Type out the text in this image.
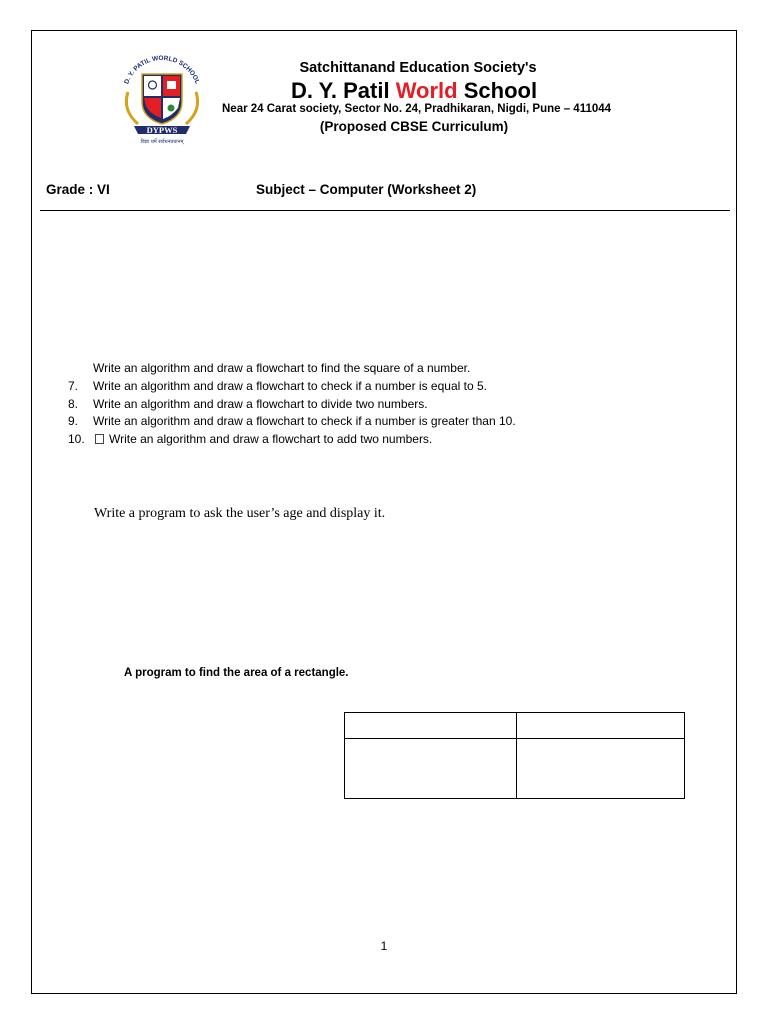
D. Y. PATIL WORLD SCHOOL
DYPWS
विद्या धर्मे सर्वधनप्रधानम्
Satchittanand Education Society's
D. Y. Patil World School
Near 24 Carat society, Sector No. 24, Pradhikaran, Nigdi, Pune – 411044
(Proposed CBSE Curriculum)
Grade : VI	Subject – Computer (Worksheet 2)
Write an algorithm and draw a flowchart to find the square of a number.
7.	Write an algorithm and draw a flowchart to check if a number is equal to 5.
8.	Write an algorithm and draw a flowchart to divide two numbers.
9.	Write an algorithm and draw a flowchart to check if a number is greater than 10.
10.	Write an algorithm and draw a flowchart to add two numbers.
Write a program to ask the user’s age and display it.
A program to find the area of a rectangle.

1
